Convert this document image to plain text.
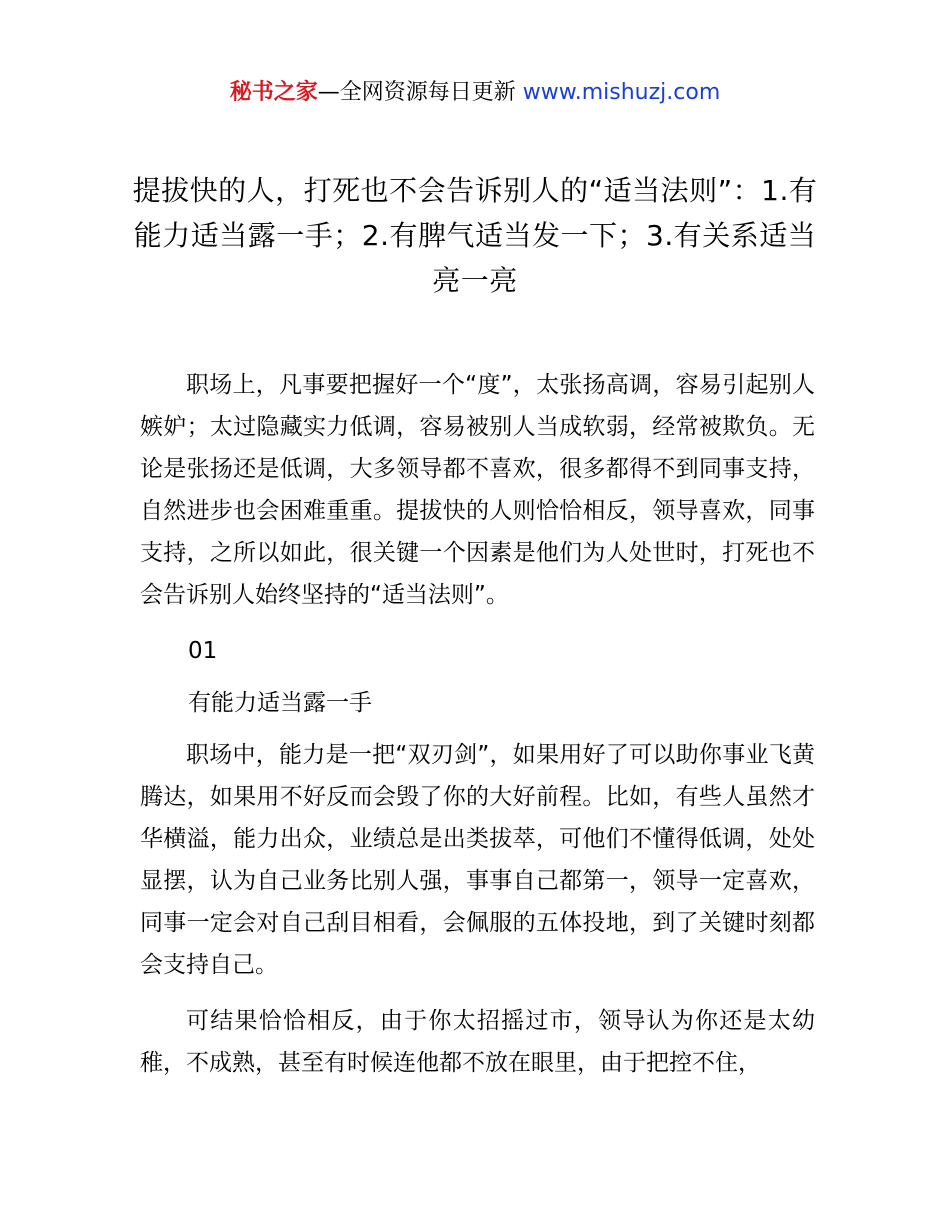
秘书之家—全网资源每日更新 www.mishuzj.com
提拔快的人，打死也不会告诉别人的“适当法则”：1.有能力适当露一手；2.有脾气适当发一下；3.有关系适当亮一亮

职场上，凡事要把握好一个“度”，太张扬高调，容易引起别人嫉妒；太过隐藏实力低调，容易被别人当成软弱，经常被欺负。无论是张扬还是低调，大多领导都不喜欢，很多都得不到同事支持，自然进步也会困难重重。提拔快的人则恰恰相反，领导喜欢，同事支持，之所以如此，很关键一个因素是他们为人处世时，打死也不会告诉别人始终坚持的“适当法则”。

01

有能力适当露一手

职场中，能力是一把“双刃剑”，如果用好了可以助你事业飞黄腾达，如果用不好反而会毁了你的大好前程。比如，有些人虽然才华横溢，能力出众，业绩总是出类拔萃，可他们不懂得低调，处处显摆，认为自己业务比别人强，事事自己都第一，领导一定喜欢，同事一定会对自己刮目相看，会佩服的五体投地，到了关键时刻都会支持自己。

可结果恰恰相反，由于你太招摇过市，领导认为你还是太幼稚，不成熟，甚至有时候连他都不放在眼里，由于把控不住，
